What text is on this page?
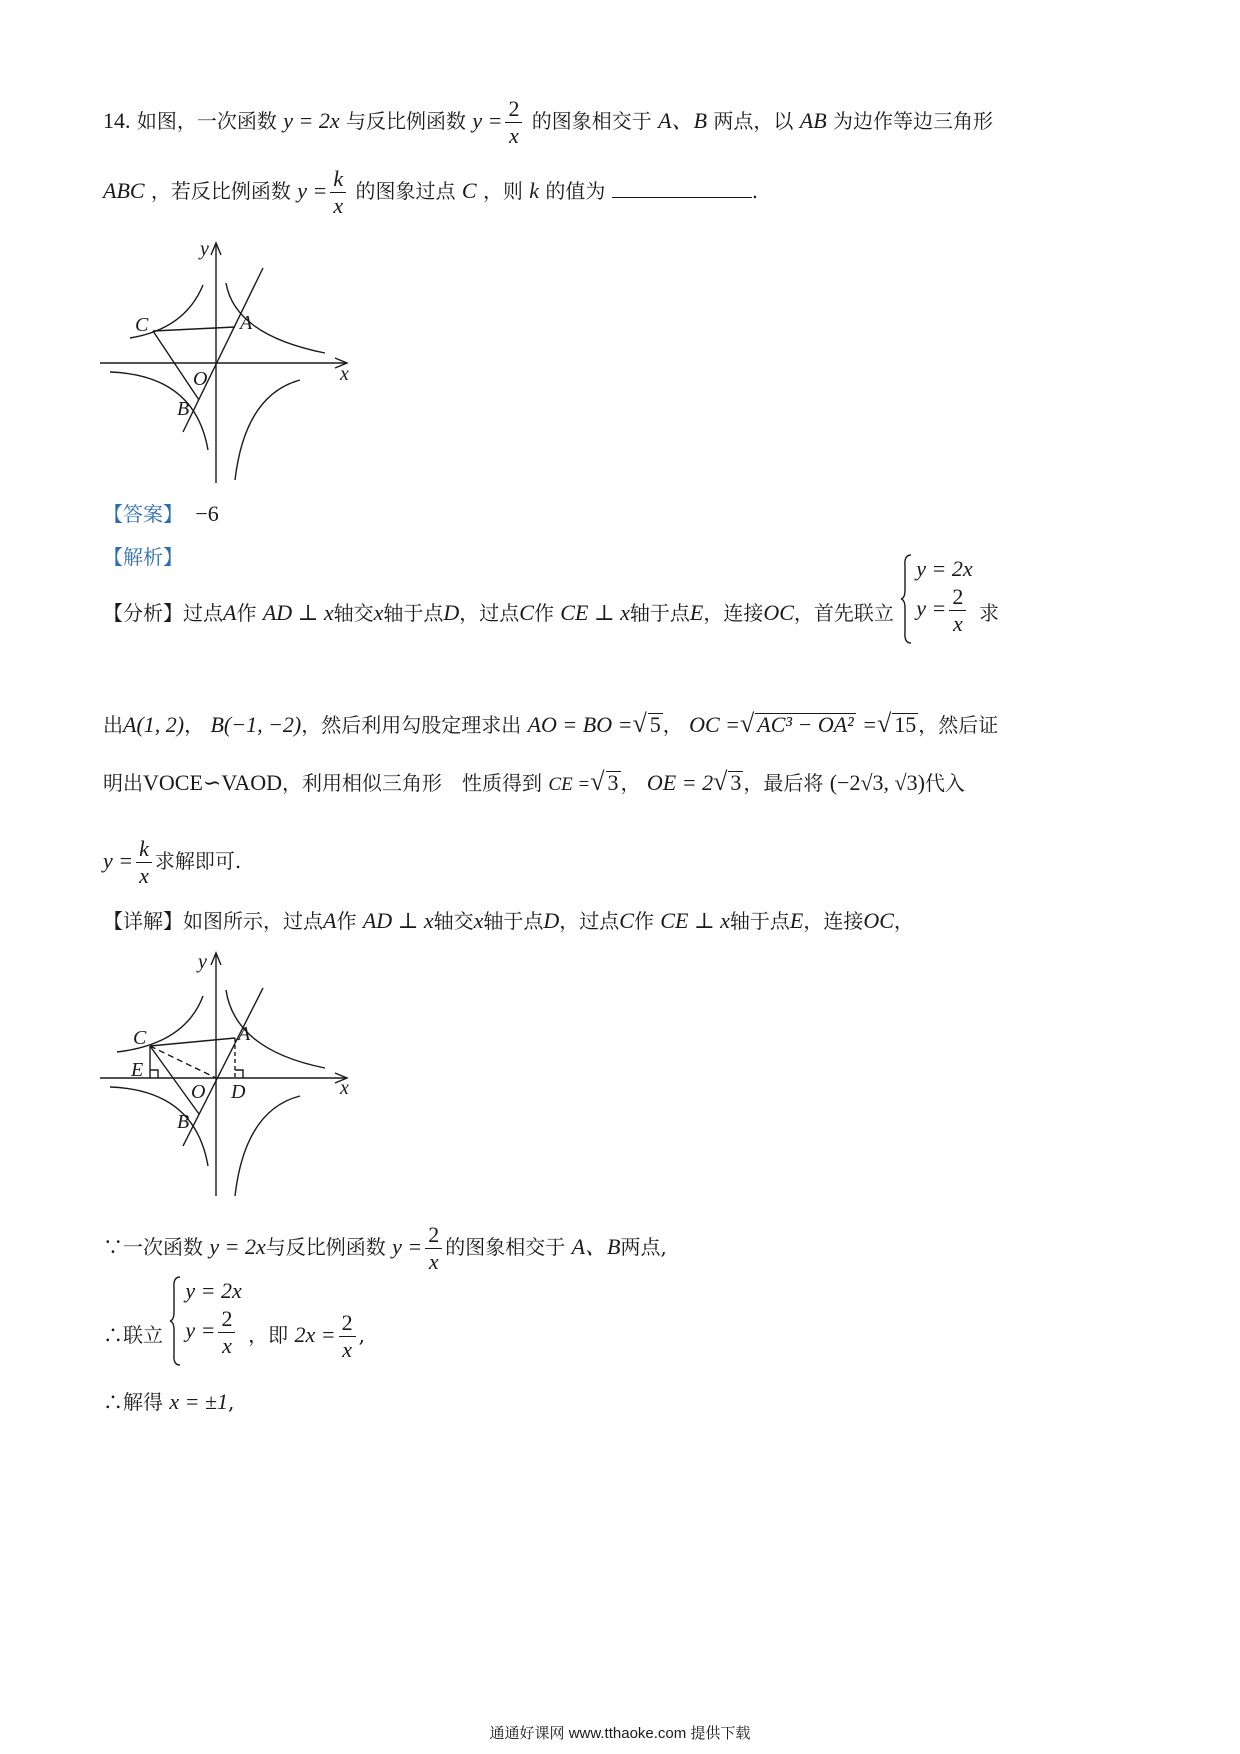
14. 如图，一次函数 y = 2x 与反比例函数 $y = \frac{2}{x}$ 的图象相交于 A、B 两点，以 AB 为边作等边三角形
ABC ，若反比例函数 $y = \frac{k}{x}$ 的图象过点 C ，则 k 的值为	.
y
x
O
A
B
C
【答案】 −6
【解析】
【分析】过点A作 AD ⊥ x轴交x轴于点D，过点C作 CE ⊥ x轴于点E，连接OC，首先联立
y = 2x
$y = \frac{2}{x}$ 求
出A(1, 2)， B(−1, −2)，然后利用勾股定理求出 AO = BO =√ 5 ， OC =√ AC³ − OA² =√ 15 ，然后证
明出VOCE∽VAOD，利用相似三角形　性质得到 CE =√ 3 ， OE = 2√ 3 ，最后将 (−2√3, √3)代入
$y = \frac{k}{x}$ 求解即可.
【详解】如图所示，过点A作 AD ⊥ x轴交x轴于点D，过点C作 CE ⊥ x轴于点E，连接OC，
y
x
O
A
B
C
D
E
∵一次函数 y = 2x与反比例函数 $y = \frac{2}{x}$ 的图象相交于 A、B两点,
∴联立
y = 2x
$y = \frac{2}{x}$ ，即 $2x = \frac{2}{x}$ ,
∴解得 x = ±1,
通通好课网 www.tthaoke.com 提供下载
